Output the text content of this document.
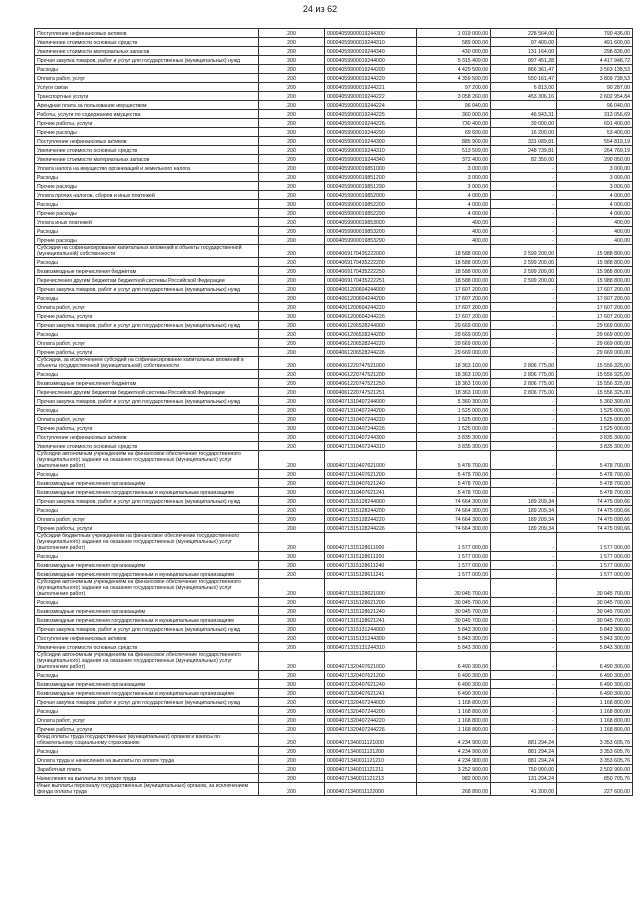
24 из 62
Поступление нефинансовых активов	200	00004059900019244300	1 019 000,00	228 564,00	790 436,00
Увеличение стоимости основных средств	200	00004059900019244310	589 000,00	97 400,00	491 600,00
Увеличение стоимости материальных запасов	200	00004059900019244340	430 000,00	131 164,00	298 836,00
Прочая закупка товаров, работ и услуг для государственных (муниципальных) нужд	200	00004059900019244000	5 315 409,00	897 451,28	4 417 948,72
Расходы	200	00004059900019244200	4 429 500,00	866 361,47	3 563 138,53
Оплата работ, услуг	200	00004059900019244220	4 359 500,00	550 161,47	3 809 738,53
Услуги связи	200	00004059900019244221	97 200,00	6 813,00	90 287,00
Транспортные услуги	200	00004059900019244222	3 058 260,00	453 306,16	2 602 954,84
Арендная плата за пользование имуществом	200	00004059900019244224	96 040,00		96 040,00
Работы, услуги по содержанию имущества	200	00004059900019244225	360 000,00	46 943,31	313 056,69
Прочие работы, услуги	200	00004059900019244226	730 400,00	39 000,00	691 400,00
Прочие расходы	200	00004059900019244290	69 600,00	16 200,00	53 400,00
Поступление нефинансовых активов	200	00004059900019244300	885 909,00	331 089,81	554 819,19
Увеличение стоимости основных средств	200	00004059900019244310	513 509,00	248 739,81	264 769,19
Увеличение стоимости материальных запасов	200	00004059900019244340	372 400,00	82 350,00	290 050,00
Уплата налога на имущество организаций и земельного налога	200	00004059900019851000	3 000,00	-	3 000,00
Расходы	200	00004059900019851200	3 000,00	-	3 000,00
Прочие расходы	200	00004059900019851290	3 000,00	-	3 000,00
Уплата прочих налогов, сборов и иных платежей	200	00004059900019852000	4 000,00	-	4 000,00
Расходы	200	00004059900019852200	4 000,00	-	4 000,00
Прочие расходы	200	00004059900019852290	4 000,00	-	4 000,00
Уплата иных платежей	200	00004059900019853000	400,00	-	400,00
Расходы	200	00004059900019853200	400,00	-	400,00
Прочие расходы	200	00004059900019853290	400,00	-	400,00
Субсидии на софинансирование капитальных вложений в объекты государственной (муниципальной) собственности	200	00004069170435222000	18 588 000,00	2 599 200,00	15 988 800,00
Расходы	200	00004069170435222200	18 588 000,00	2 599 200,00	15 988 800,00
Безвозмездные перечисления бюджетам	200	00004069170435222250	18 588 000,00	2 599 200,00	15 988 800,00
Перечисления другим бюджетам бюджетной системы Российской Федерации	200	00004069170435222251	18 588 000,00	2 599 200,00	15 988 800,00
Прочая закупка товаров, работ и услуг для государственных (муниципальных) нужд	200	00004061200604244000	17 607 200,00	-	17 607 200,00
Расходы	200	00004061200604244200	17 607 200,00	-	17 607 200,00
Оплата работ, услуг	200	00004061200604244220	17 607 200,00	-	17 607 200,00
Прочие работы, услуги	200	00004061200604244226	17 607 200,00	-	17 607 200,00
Прочая закупка товаров, работ и услуг для государственных (муниципальных) нужд	200	00004061206528244000	29 669 000,00	-	29 669 000,00
Расходы	200	00004061206528244200	29 669 000,00	-	29 669 000,00
Оплата работ, услуг	200	00004061206528244220	29 669 000,00	-	29 669 000,00
Прочие работы, услуги	200	00004061206528244226	29 669 000,00	-	29 669 000,00
Субсидии, за исключением субсидий на софинансирование капитальных вложений в объекты государственной (муниципальной) собственности	200	00004061220747521000	18 363 100,00	2 806 775,00	15 556 325,00
Расходы	200	00004061220747521200	18 363 100,00	2 806 775,00	15 556 325,00
Безвозмездные перечисления бюджетам	200	00004061220747521250	18 363 100,00	2 806 775,00	15 556 325,00
Перечисления другим бюджетам бюджетной системы Российской Федерации	200	00004061220747521251	18 363 100,00	2 806 775,00	15 556 325,00
Прочая закупка товаров, работ и услуг для государственных (муниципальных) нужд	200	00004071310407244000	5 360 300,00	-	5 360 300,00
Расходы	200	00004071310407244200	1 525 000,00	-	1 525 000,00
Оплата работ, услуг	200	00004071310407244220	1 525 000,00	-	1 525 000,00
Прочие работы, услуги	200	00004071310407244226	1 525 000,00	-	1 525 000,00
Поступление нефинансовых активов	200	00004071310407244300	3 835 300,00	-	3 835 300,00
Увеличение стоимости основных средств	200	00004071310407244310	3 835 300,00	-	3 835 300,00
Субсидии автономным учреждениям на финансовое обеспечение государственного (муниципального) задания на оказание государственных (муниципальных) услуг (выполнение работ)	200	00004071310407621000	5 478 700,00	-	5 478 700,00
Расходы	200	00004071310407621200	5 478 700,00	-	5 478 700,00
Безвозмездные перечисления организациям	200	00004071310407621240	5 478 700,00	-	5 478 700,00
Безвозмездные перечисления государственным и муниципальным организациям	200	00004071310407621241	5 478 700,00	-	5 478 700,00
Прочая закупка товаров, работ и услуг для государственных (муниципальных) нужд	200	00004071315128244000	74 664 300,00	189 209,34	74 475 090,66
Расходы	200	00004071315128244200	74 664 300,00	189 209,34	74 475 090,66
Оплата работ, услуг	200	00004071315128244220	74 664 300,00	189 209,34	74 475 090,66
Прочие работы, услуги	200	00004071315128244226	74 664 300,00	189 209,34	74 475 090,66
Субсидии бюджетным учреждениям на финансовое обеспечение государственного (муниципального) задания на оказание государственных (муниципальных) услуг (выполнение работ)	200	00004071315128611000	1 577 000,00	-	1 577 000,00
Расходы	200	00004071315128611200	1 577 000,00	-	1 577 000,00
Безвозмездные перечисления организациям	200	00004071315128611240	1 577 000,00	-	1 577 000,00
Безвозмездные перечисления государственным и муниципальным организациям	200	00004071315128611241	1 577 000,00	-	1 577 000,00
Субсидии автономным учреждениям на финансовое обеспечение государственного (муниципального) задания на оказание государственных (муниципальных) услуг (выполнение работ)	200	00004071315128621000	30 045 700,00	-	30 045 700,00
Расходы	200	00004071315128621200	30 045 700,00	-	30 045 700,00
Безвозмездные перечисления организациям	200	00004071315128621240	30 045 700,00	-	30 045 700,00
Безвозмездные перечисления государственным и муниципальным организациям	200	00004071315128621241	30 045 700,00	-	30 045 700,00
Прочая закупка товаров, работ и услуг для государственных (муниципальных) нужд	200	00004071315131244000	5 843 300,00	-	5 843 300,00
Поступление нефинансовых активов	200	00004071315131244300	5 843 300,00	-	5 843 300,00
Увеличение стоимости основных средств	200	00004071315131244310	5 843 300,00	-	5 843 300,00
Субсидии автономным учреждениям на финансовое обеспечение государственного (муниципального) задания на оказание государственных (муниципальных) услуг (выполнение работ)	200	00004071320407621000	6 490 300,00	-	6 490 300,00
Расходы	200	00004071320407621200	6 490 300,00	-	6 490 300,00
Безвозмездные перечисления организациям	200	00004071320407621240	6 490 300,00	-	6 490 300,00
Безвозмездные перечисления государственным и муниципальным организациям	200	00004071320407621241	6 490 300,00	-	6 490 300,00
Прочая закупка товаров, работ и услуг для государственных (муниципальных) нужд	200	00004071320407244000	1 168 800,00	-	1 168 800,00
Расходы	200	00004071320407244200	1 168 800,00	-	1 168 800,00
Оплата работ, услуг	200	00004071320407244220	1 168 800,00	-	1 168 800,00
Прочие работы, услуги	200	00004071320407244226	1 168 800,00	-	1 168 800,00
Фонд оплаты труда государственных (муниципальных) органов и взносы по обязательному социальному страхованию	200	00004071340011121000	4 234 900,00	881 294,24	3 353 605,76
Расходы	200	00004071340011121200	4 234 900,00	881 294,24	3 353 605,76
Оплата труда и начисления на выплаты по оплате труда	200	00004071340011121210	4 234 900,00	881 294,24	3 353 605,76
Заработная плата	200	00004071340011121211	3 252 900,00	750 000,00	2 502 900,00
Начисления на выплаты по оплате труда	200	00004071340011121213	982 000,00	131 294,24	850 705,76
Иные выплаты персоналу государственных (муниципальных) органов, за исключением фонда оплаты труда	200	00004071340011122000	268 800,00	41 200,00	227 600,00
